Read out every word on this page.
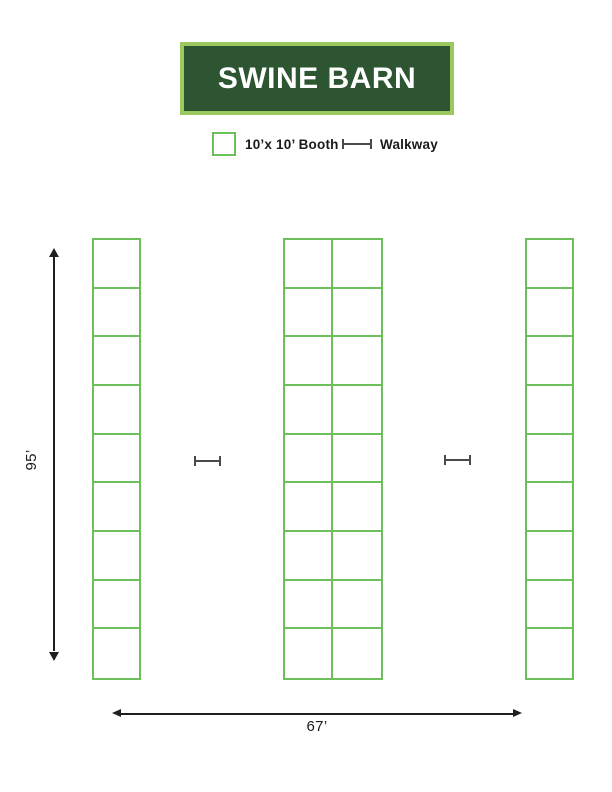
SWINE BARN
10’x 10’ Booth	Walkway
95’
67’
